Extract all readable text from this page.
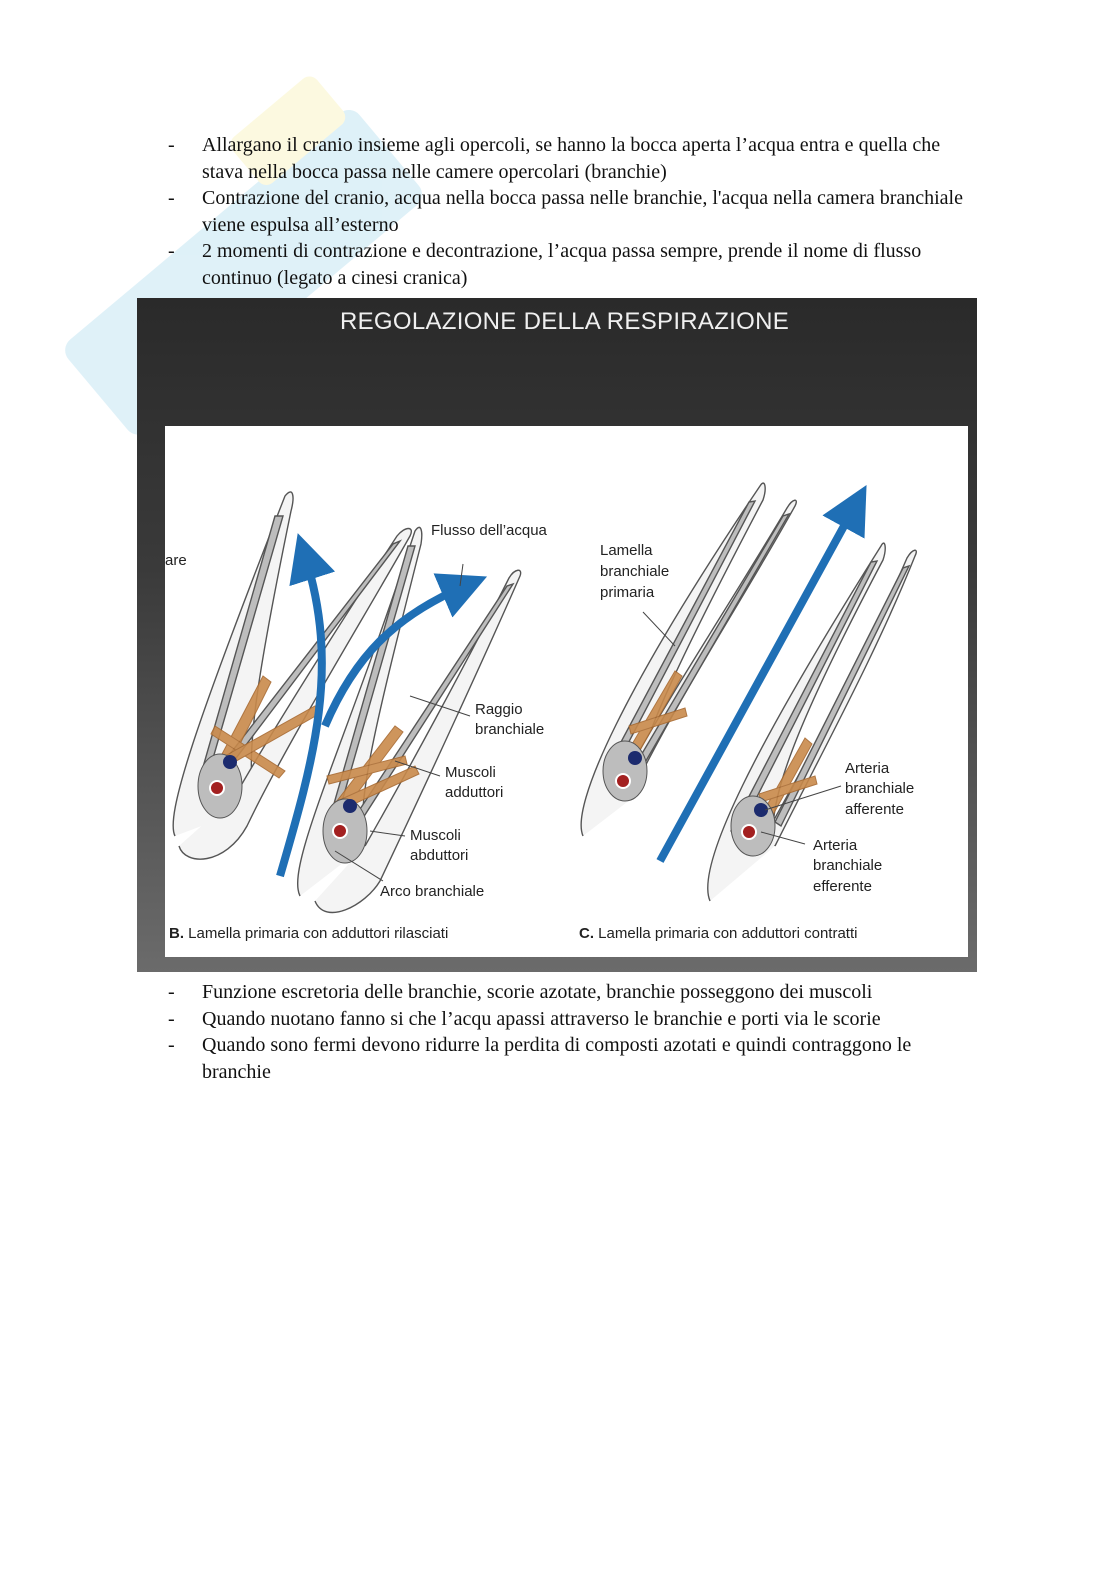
- Allargano il cranio insieme agli opercoli, se hanno la bocca aperta l’acqua entra e quella che stava nella bocca passa nelle camere opercolari (branchie)
- Contrazione del cranio, acqua nella bocca passa nelle branchie, l'acqua nella camera branchiale viene espulsa all’esterno
- 2 momenti di contrazione e decontrazione, l’acqua passa sempre, prende il nome di flusso continuo (legato a cinesi cranica)
REGOLAZIONE DELLA RESPIRAZIONE
are
Flusso dell’acqua
Raggio
branchiale
Muscoli
adduttori
Muscoli
abduttori
Arco branchiale
Lamella
branchiale
primaria
Arteria
branchiale
afferente
Arteria
branchiale
efferente
B. Lamella primaria con adduttori rilasciati	C. Lamella primaria con adduttori contratti
- Funzione escretoria delle branchie, scorie azotate, branchie posseggono dei muscoli
- Quando nuotano fanno si che l’acqu apassi attraverso le branchie e porti via le scorie
- Quando sono fermi devono ridurre la perdita di composti azotati e quindi contraggono le branchie
